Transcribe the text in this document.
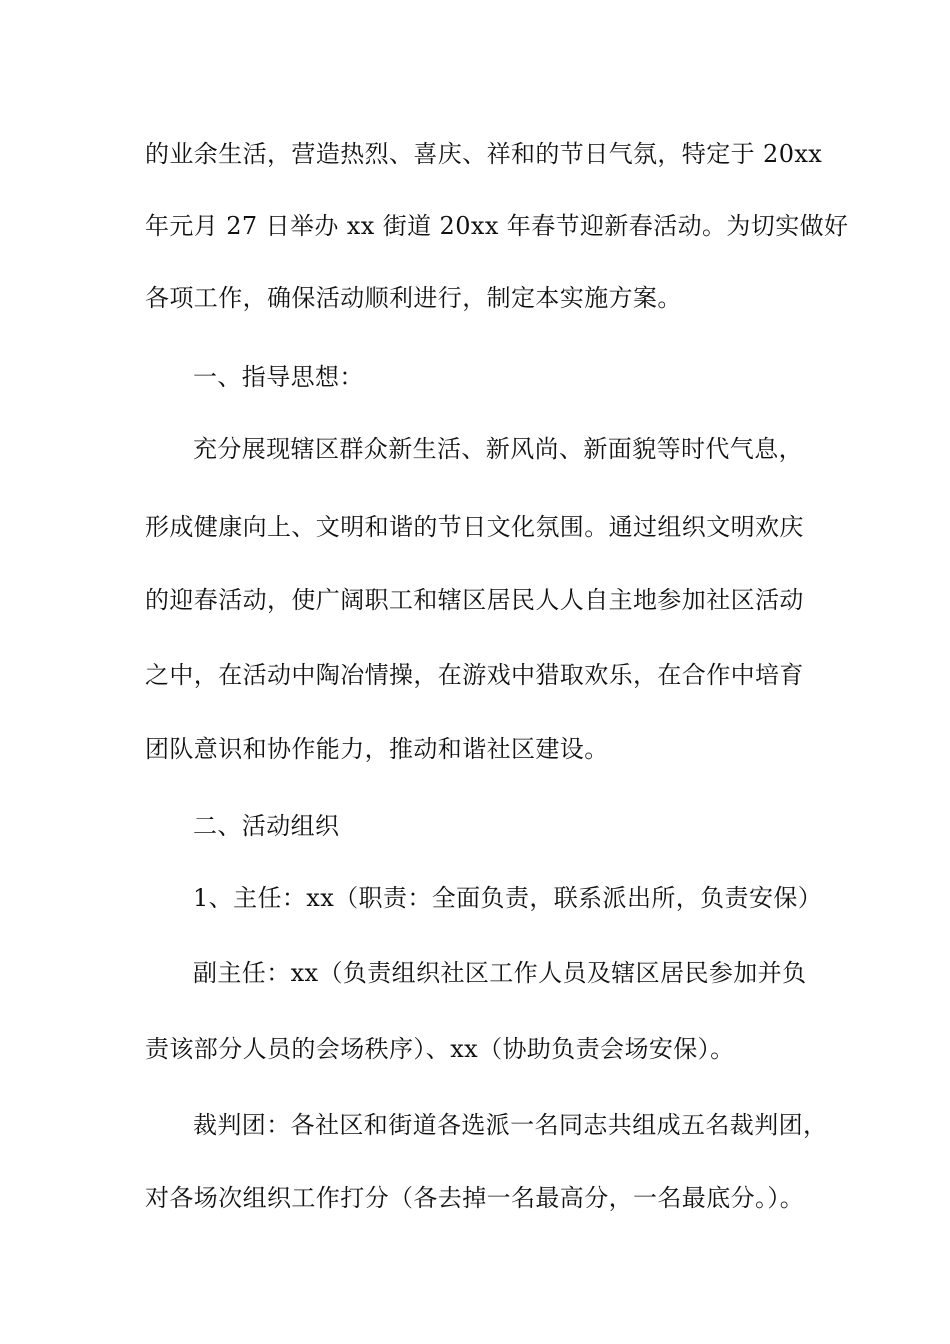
的业余生活，营造热烈、喜庆、祥和的节日气氛，特定于 20xx
年元月 27 日举办 xx 街道 20xx 年春节迎新春活动。为切实做好
各项工作，确保活动顺利进行，制定本实施方案。
一、指导思想：
充分展现辖区群众新生活、新风尚、新面貌等时代气息，
形成健康向上、文明和谐的节日文化氛围。通过组织文明欢庆
的迎春活动，使广阔职工和辖区居民人人自主地参加社区活动
之中，在活动中陶冶情操，在游戏中猎取欢乐，在合作中培育
团队意识和协作能力，推动和谐社区建设。
二、活动组织
1、主任：xx（职责：全面负责，联系派出所，负责安保）
副主任：xx（负责组织社区工作人员及辖区居民参加并负
责该部分人员的会场秩序）、xx（协助负责会场安保）。
裁判团：各社区和街道各选派一名同志共组成五名裁判团，
对各场次组织工作打分（各去掉一名最高分，一名最底分。）。
